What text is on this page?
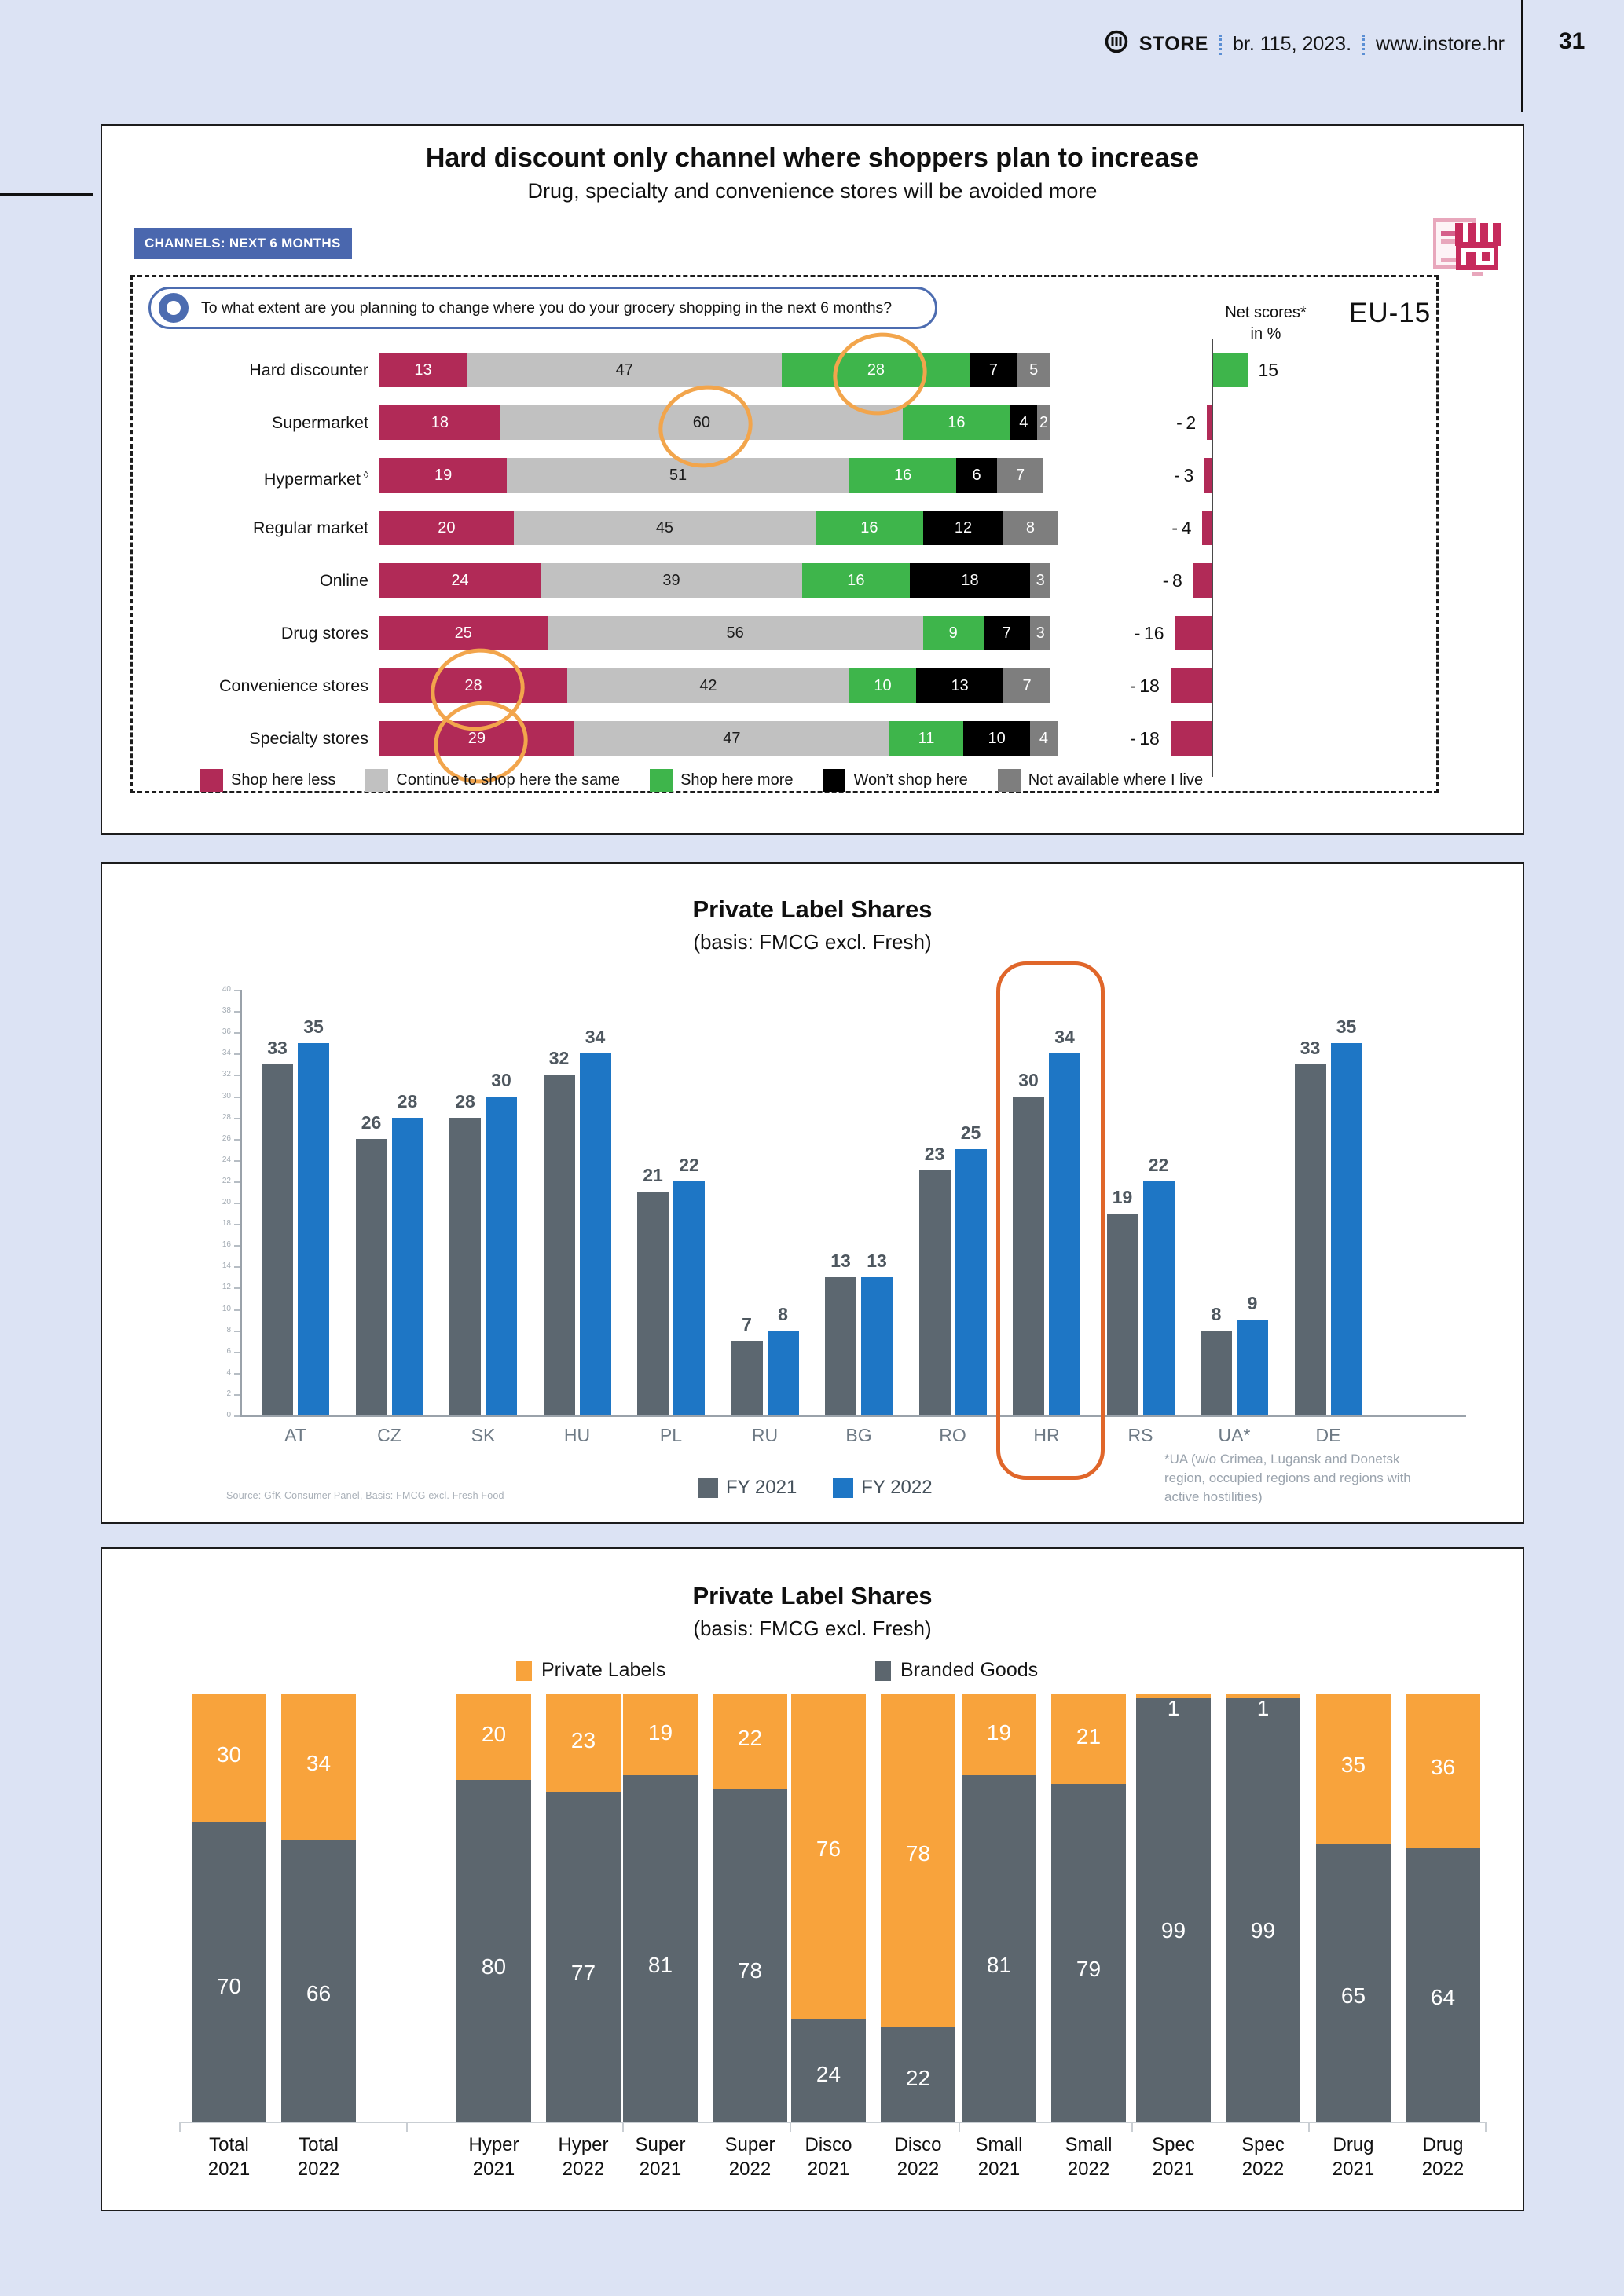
STORE br. 115, 2023. www.instore.hr 31
Hard discount only channel where shoppers plan to increase
Drug, specialty and convenience stores will be avoided more
CHANNELS: NEXT 6 MONTHS
To what extent are you planning to change where you do your grocery shopping in the next 6 months?	Net scores*
in %
EU-15
Hard discounter	13	47	28	7	5	15
Supermarket	18	60	16	4 2	- 2
Hypermarket ◊	19	51	16	6	7	- 3
Regular market	20	45	16	12	8	- 4
Online	24	39	16	18	3	- 8
Drug stores	25	56	9	7	3	- 16
Convenience stores	28	42	10	13	7	- 18
Specialty stores	29	47	11	10	4	- 18
Shop here less	Continue to shop here the same	Shop here more	Won’t shop here	Not available where I live
Private Label Shares
(basis: FMCG excl. Fresh)
0
2
4
6
8
10
12
14
16
18
20
22
24
26
28
30
32
34
36
38
40
33
35
AT
26
28
CZ
28
30
SK
32
34
HU
21
22
PL
7
8
RU
13 13
BG
23
25
RO
30
34
HR
19
22
RS
8
9
UA*
33
35
DE
FY 2021	FY 2022
Source: GfK Consumer Panel, Basis: FMCG excl. Fresh Food
*UA (w/o Crimea, Lugansk and Donetsk region, occupied regions and regions with active hostilities)
Private Label Shares
(basis: FMCG excl. Fresh)
Private Labels	Branded Goods
30
70
Total
2021
34
66
Total
2022
20
80
Hyper
2021
23
77
Hyper
2022
19
81
Super
2021
22
78
Super
2022
76
24
Disco
2021
78
22
Disco
2022
19
81
Small
2021
21
79
Small
2022
1
99
Spec
2021
1
99
Spec
2022
35
65
Drug
2021
36
64
Drug
2022
